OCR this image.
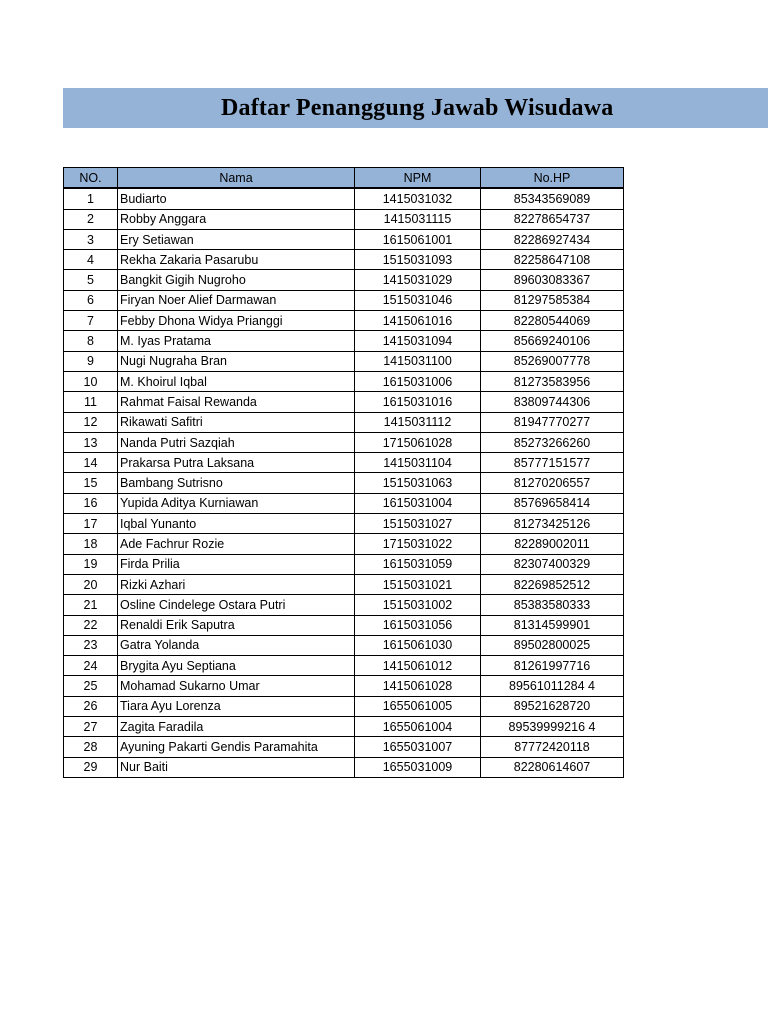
Daftar Penanggung Jawab Wisudawa
NO.	Nama	NPM	No.HP
1	Budiarto	1415031032	85343569089
2	Robby Anggara	1415031115	82278654737
3	Ery Setiawan	1615061001	82286927434
4	Rekha Zakaria Pasarubu	1515031093	82258647108
5	Bangkit Gigih Nugroho	1415031029	89603083367
6	Firyan Noer Alief Darmawan	1515031046	81297585384
7	Febby Dhona Widya Prianggi	1415061016	82280544069
8	M. Iyas Pratama	1415031094	85669240106
9	Nugi Nugraha Bran	1415031100	85269007778
10	M. Khoirul Iqbal	1615031006	81273583956
11	Rahmat Faisal Rewanda	1615031016	83809744306
12	Rikawati Safitri	1415031112	81947770277
13	Nanda Putri Sazqiah	1715061028	85273266260
14	Prakarsa Putra Laksana	1415031104	85777151577
15	Bambang Sutrisno	1515031063	81270206557
16	Yupida Aditya Kurniawan	1615031004	85769658414
17	Iqbal Yunanto	1515031027	81273425126
18	Ade Fachrur Rozie	1715031022	82289002011
19	Firda Prilia	1615031059	82307400329
20	Rizki Azhari	1515031021	82269852512
21	Osline Cindelege Ostara Putri	1515031002	85383580333
22	Renaldi Erik Saputra	1615031056	81314599901
23	Gatra Yolanda	1615061030	89502800025
24	Brygita Ayu Septiana	1415061012	81261997716
25	Mohamad Sukarno Umar	1415061028	89561011284 4
26	Tiara Ayu Lorenza	1655061005	89521628720
27	Zagita Faradila	1655061004	89539999216 4
28	Ayuning Pakarti Gendis Paramahita	1655031007	87772420118
29	Nur Baiti	1655031009	82280614607
